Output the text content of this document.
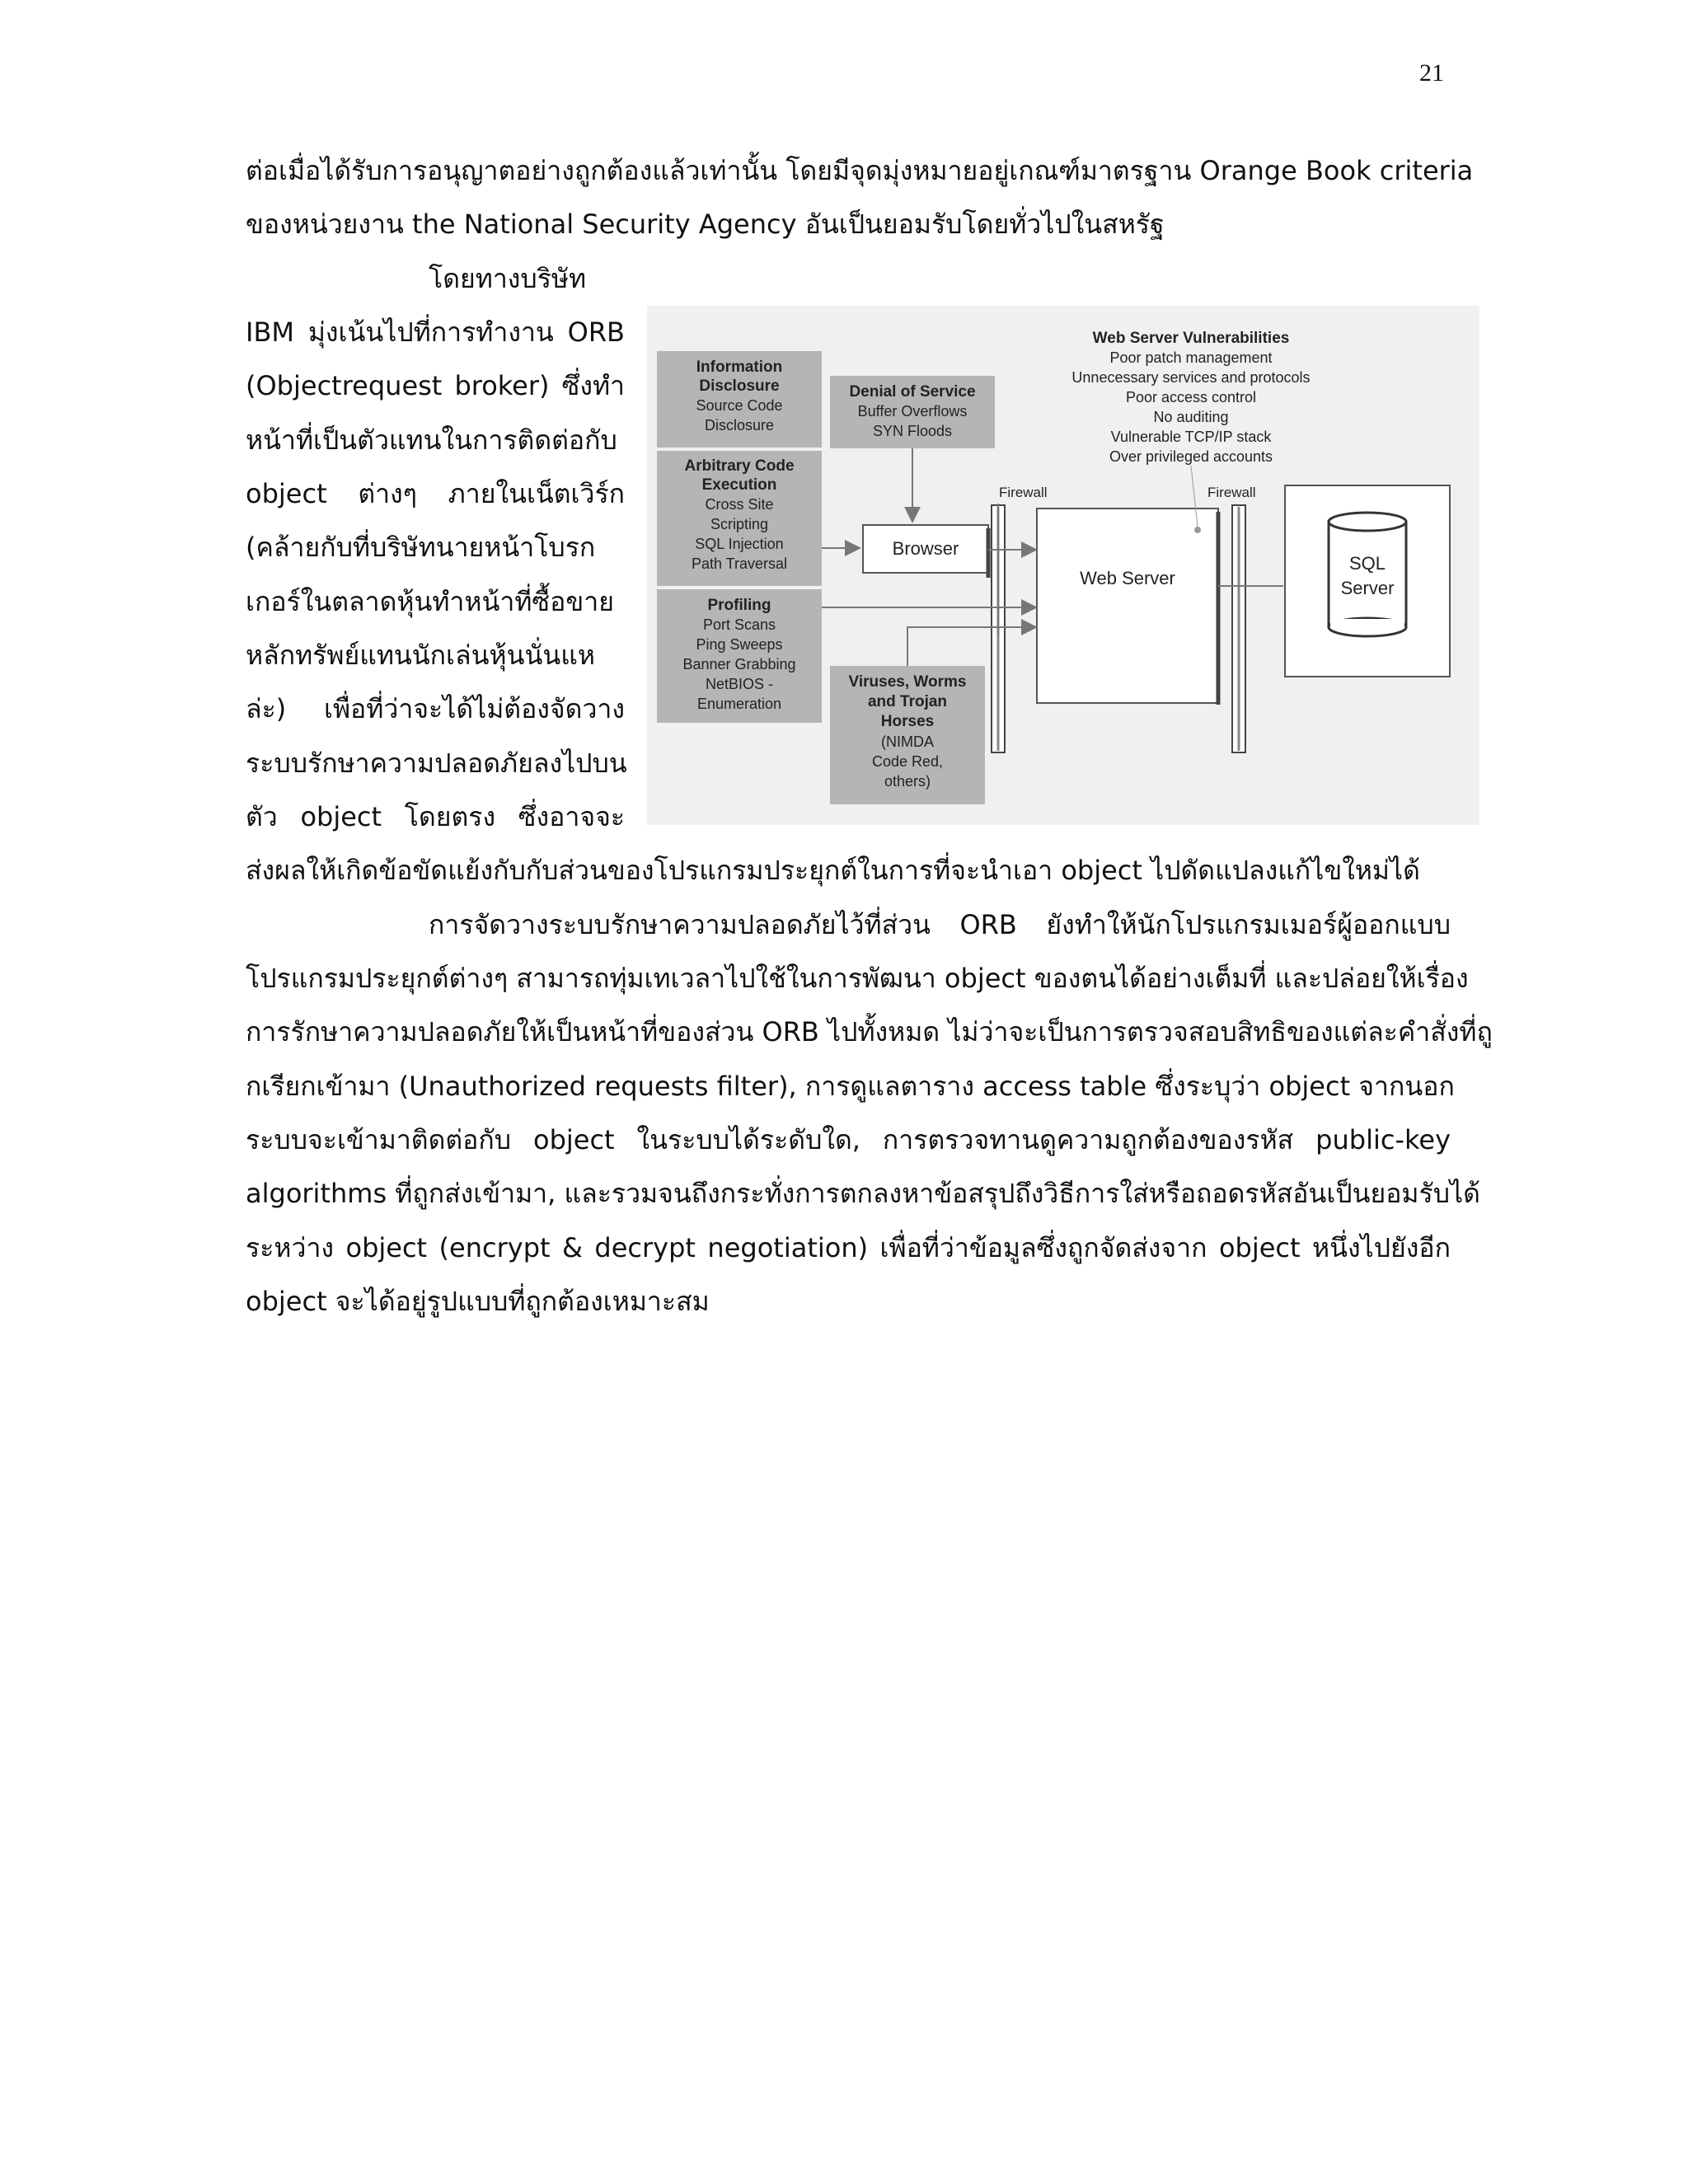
21
ต่อเมื่อได้รับการอนุญาตอย่างถูกต้องแล้วเท่านั้น โดยมีจุดมุ่งหมายอยู่เกณฑ์มาตรฐาน Orange Book criteria
ของหน่วยงาน the National Security Agency อันเป็นยอมรับโดยทั่วไปในสหรัฐ
โดยทางบริษัท
IBM มุ่งเน้นไปที่การทำงาน ORB
(Objectrequest broker) ซึ่งทำ
หน้าที่เป็นตัวแทนในการติดต่อกับ
object ต่างๆ ภายในเน็ตเวิร์ก
(คล้ายกับที่บริษัทนายหน้าโบรก
เกอร์ในตลาดหุ้นทำหน้าที่ซื้อขาย
หลักทรัพย์แทนนักเล่นหุ้นนั่นแห
ล่ะ) เพื่อที่ว่าจะได้ไม่ต้องจัดวาง
ระบบรักษาความปลอดภัยลงไปบน
ตัว object โดยตรง ซึ่งอาจจะ
ส่งผลให้เกิดข้อขัดแย้งกับกับส่วนของโปรแกรมประยุกต์ในการที่จะนำเอา object ไปดัดแปลงแก้ไขใหม่ได้
การจัดวางระบบรักษาความปลอดภัยไว้ที่ส่วน ORB ยังทำให้นักโปรแกรมเมอร์ผู้ออกแบบ
โปรแกรมประยุกต์ต่างๆ สามารถทุ่มเทเวลาไปใช้ในการพัฒนา object ของตนได้อย่างเต็มที่ และปล่อยให้เรื่อง
การรักษาความปลอดภัยให้เป็นหน้าที่ของส่วน ORB ไปทั้งหมด ไม่ว่าจะเป็นการตรวจสอบสิทธิของแต่ละคำสั่งที่ถู
กเรียกเข้ามา (Unauthorized requests filter), การดูแลตาราง access table ซึ่งระบุว่า object จากนอก
ระบบจะเข้ามาติดต่อกับ object ในระบบได้ระดับใด, การตรวจทานดูความถูกต้องของรหัส public-key
algorithms ที่ถูกส่งเข้ามา, และรวมจนถึงกระทั่งการตกลงหาข้อสรุปถึงวิธีการใส่หรือถอดรหัสอันเป็นยอมรับได้
ระหว่าง object (encrypt & decrypt negotiation) เพื่อที่ว่าข้อมูลซึ่งถูกจัดส่งจาก object หนึ่งไปยังอีก
object จะได้อยู่รูปแบบที่ถูกต้องเหมาะสม
Information
Disclosure
Source Code
Disclosure
Arbitrary Code
Execution
Cross Site
Scripting
SQL Injection
Path Traversal
Profiling
Port Scans
Ping Sweeps
Banner Grabbing
NetBIOS -
Enumeration
Denial of Service
Buffer Overflows
SYN Floods
Viruses, Worms
and Trojan
Horses
(NIMDA
Code Red,
others)
Web Server Vulnerabilities
Poor patch management
Unnecessary services and protocols
Poor access control
No auditing
Vulnerable TCP/IP stack
Over privileged accounts
Firewall	Firewall
Browser
Web Server
SQL
Server
